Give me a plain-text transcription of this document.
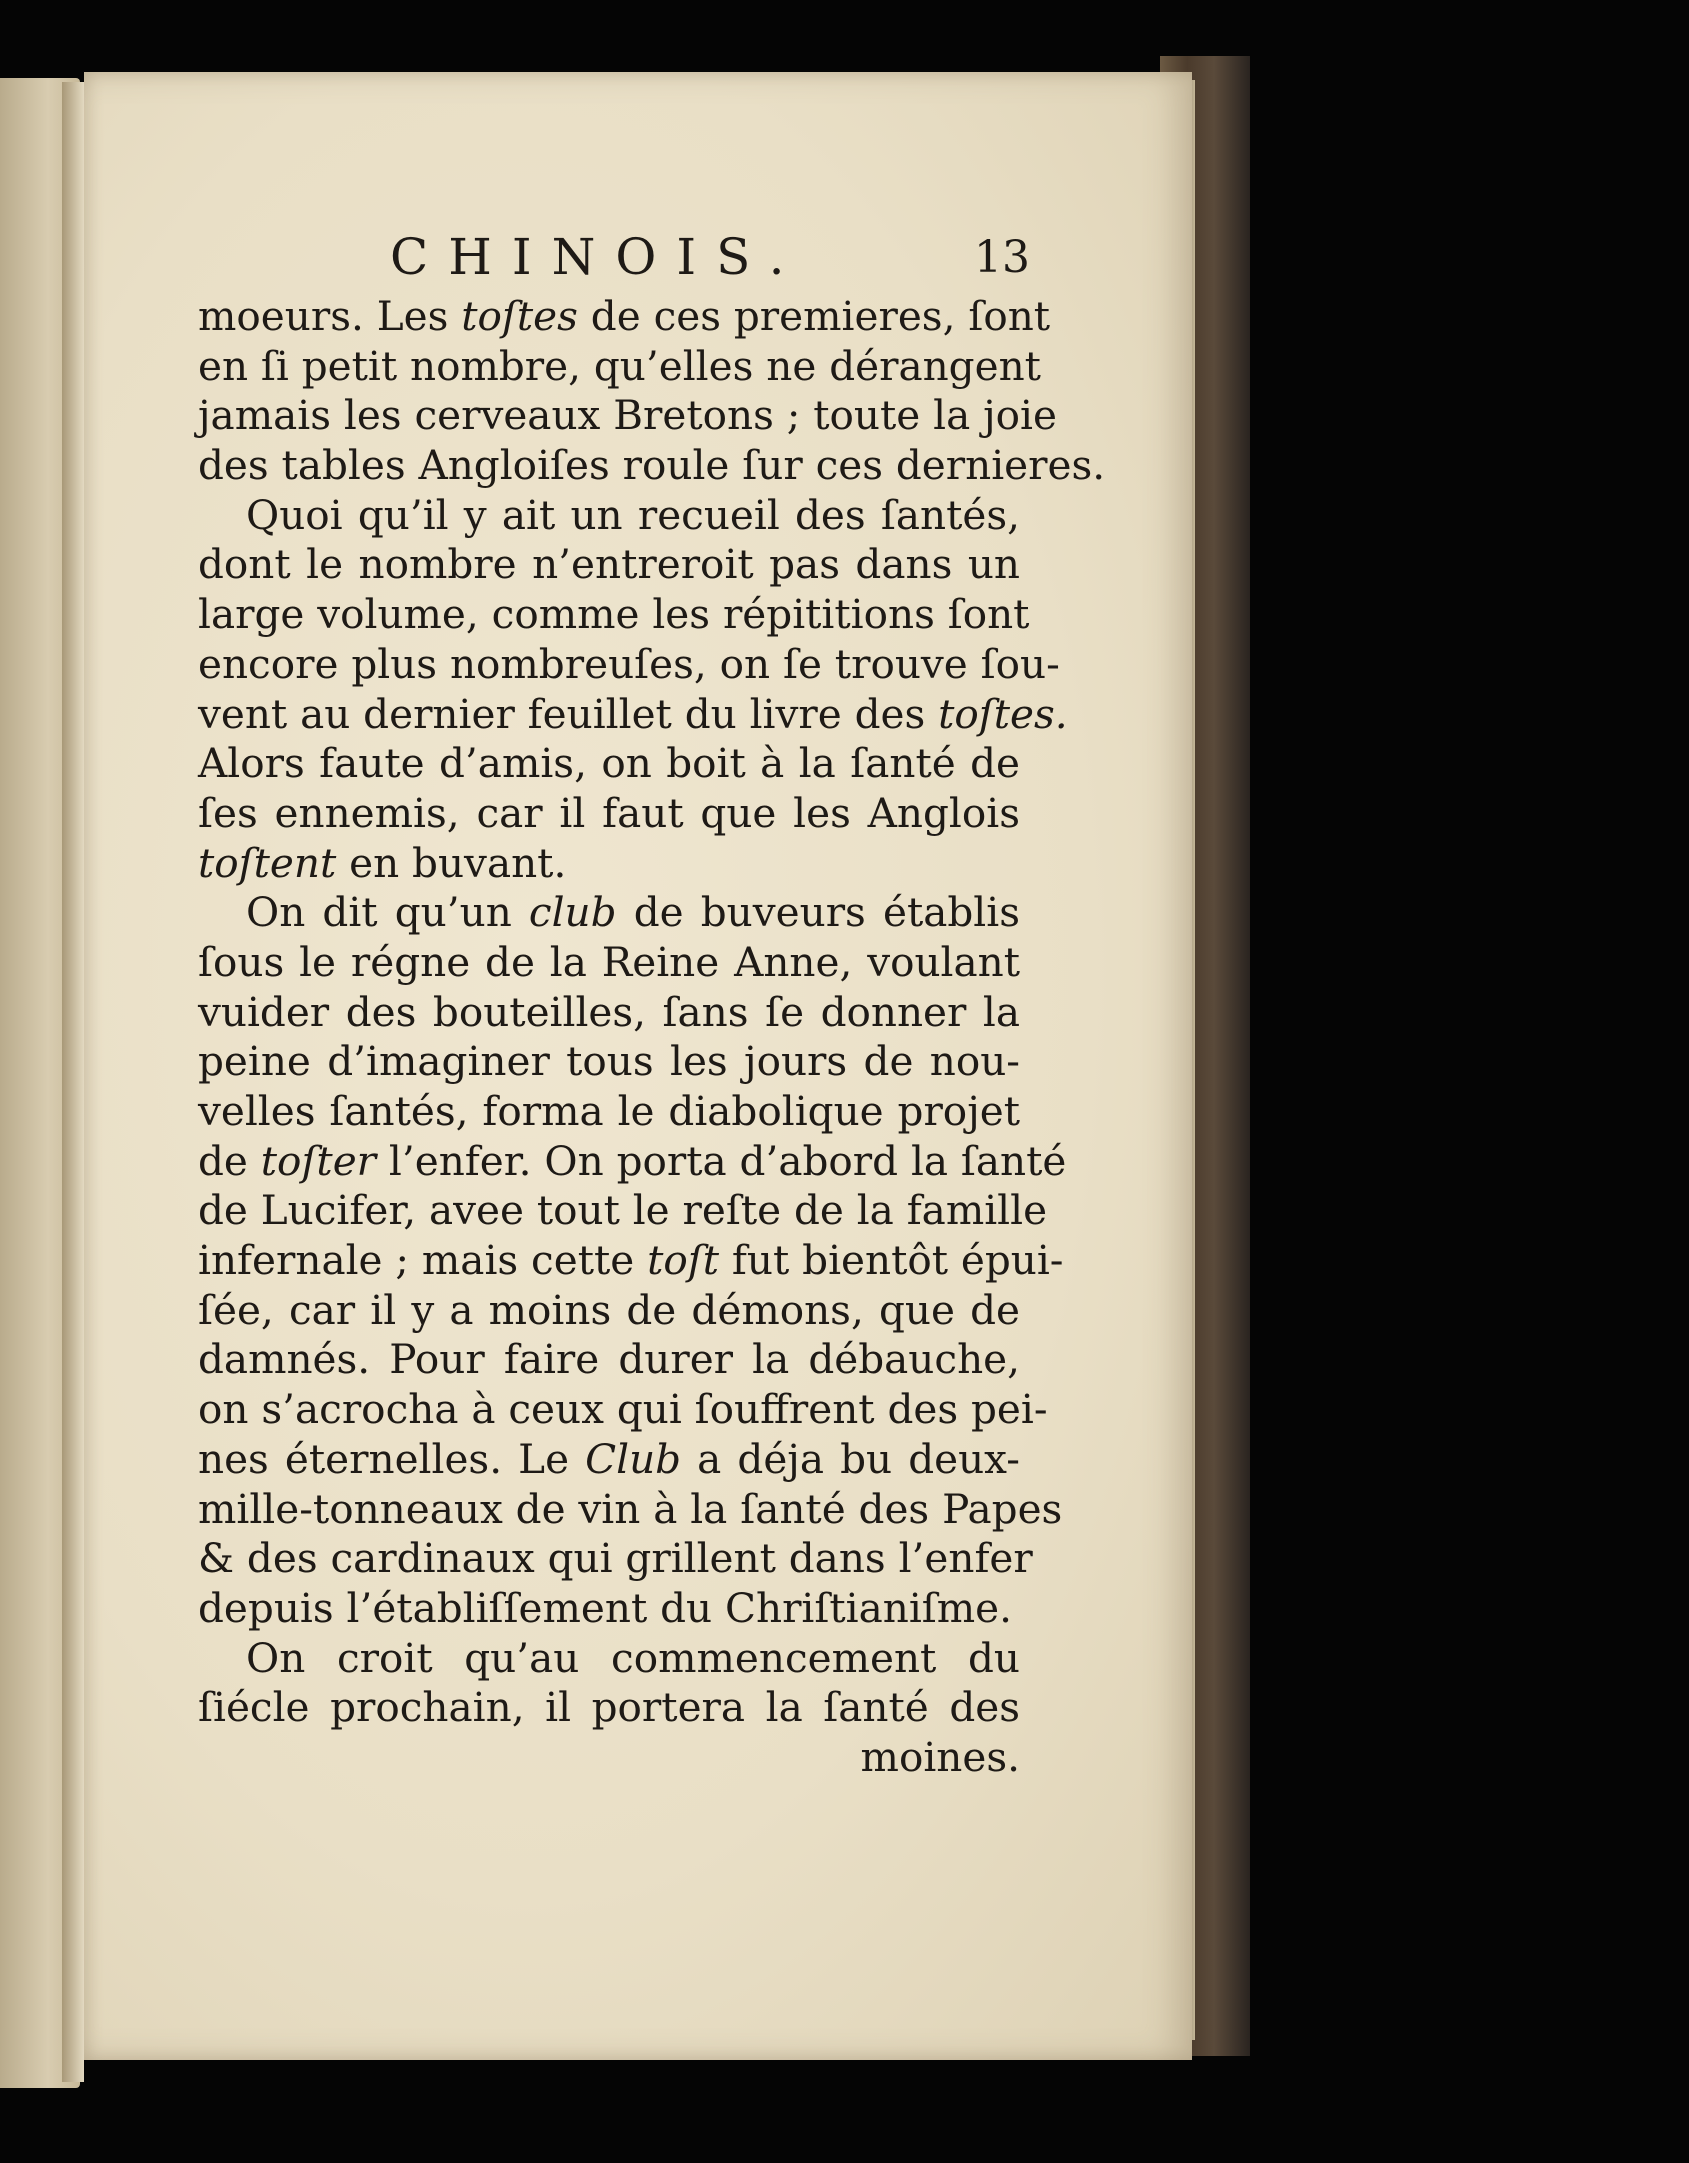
CHINOIS.	13
moeurs. Les toſtes de ces premieres, ſont
en ſi petit nombre, qu’elles ne dérangent
jamais les cerveaux Bretons ; toute la joie
des tables Angloiſes roule ſur ces dernieres.
Quoi qu’il y ait un recueil des ſantés,
dont le nombre n’entreroit pas dans un
large volume, comme les répititions ſont
encore plus nombreuſes, on ſe trouve ſou-
vent au dernier feuillet du livre des toſtes.
Alors faute d’amis, on boit à la ſanté de
ſes ennemis, car il faut que les Anglois
toſtent en buvant.
On dit qu’un club de buveurs établis
ſous le régne de la Reine Anne, voulant
vuider des bouteilles, ſans ſe donner la
peine d’imaginer tous les jours de nou-
velles ſantés, forma le diabolique projet
de toſter l’enfer. On porta d’abord la ſanté
de Lucifer, avee tout le reſte de la famille
infernale ; mais cette toſt fut bientôt épui-
ſée, car il y a moins de démons, que de
damnés. Pour faire durer la débauche,
on s’acrocha à ceux qui ſouffrent des pei-
nes éternelles. Le Club a déja bu deux-
mille-tonneaux de vin à la ſanté des Papes
& des cardinaux qui grillent dans l’enfer
depuis l’établiſſement du Chriſtianiſme.
On croit qu’au commencement du
ſiécle prochain, il portera la ſanté des
moines.
